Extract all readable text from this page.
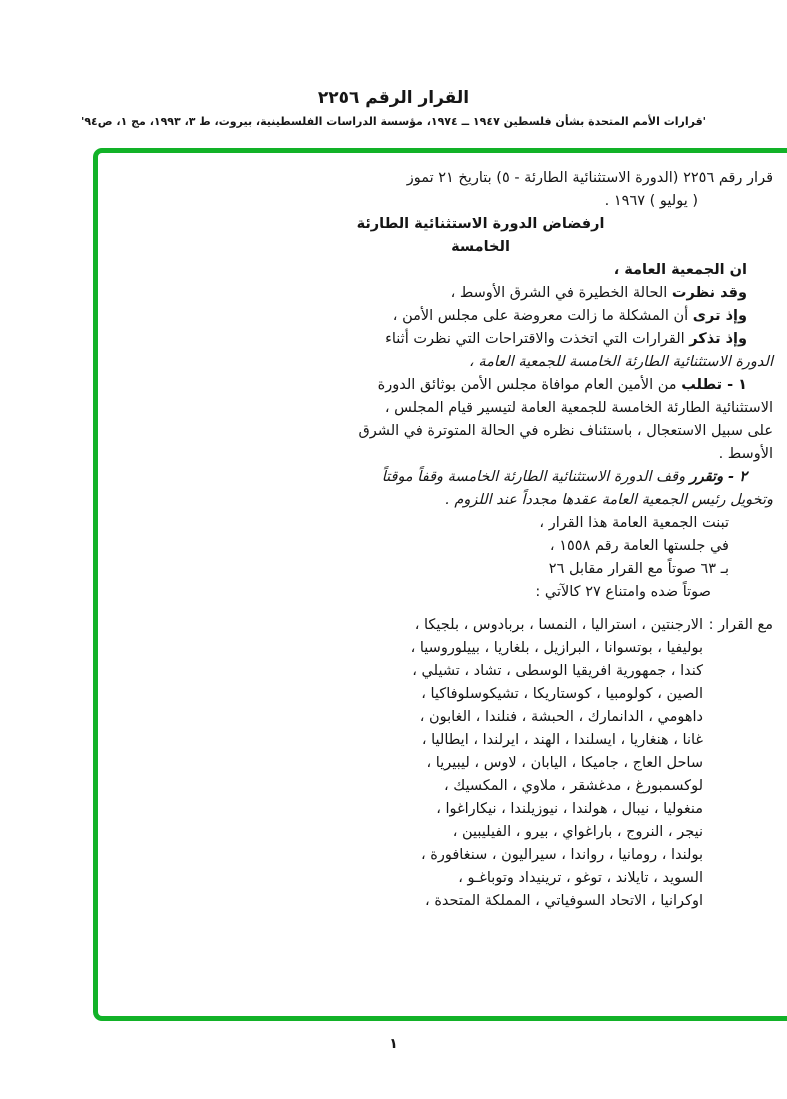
القرار الرقم ٢٢٥٦
'قرارات الأمم المتحدة بشأن فلسطين ١٩٤٧ ــ ١٩٧٤، مؤسسة الدراسات الفلسطينية، بيروت، ط ٣، ١٩٩٣، مج ١، ص٩٤'
قرار رقم ٢٢٥٦ (الدورة الاستثنائية الطارئة - ٥) بتاريخ ٢١ تموز
( يوليو ) ١٩٦٧ .
ارفضاض الدورة الاستثنائية الطارئة
الخامسة
ان الجمعية العامة ،
وقد نظرت الحالة الخطيرة في الشرق الأوسط ،
وإذ ترى أن المشكلة ما زالت معروضة على مجلس الأمن ،
وإذ تذكر القرارات التي اتخذت والاقتراحات التي نظرت أثناء
الدورة الاستثنائية الطارئة الخامسة للجمعية العامة ،
١ - تطلب من الأمين العام موافاة مجلس الأمن بوثائق الدورة
الاستثنائية الطارئة الخامسة للجمعية العامة لتيسير قيام المجلس ،
على سبيل الاستعجال ، باستئناف نظره في الحالة المتوترة في الشرق
الأوسط .
٢ - وتقرر وقف الدورة الاستثنائية الطارئة الخامسة وقفاً موقتاً
وتخويل رئيس الجمعية العامة عقدها مجدداً عند اللزوم .
تبنت الجمعية العامة هذا القرار ،
في جلستها العامة رقم ١٥٥٨ ،
بـ ٦٣ صوتاً مع القرار مقابل ٢٦
صوتاً ضده وامتناع ٢٧ كالآتي :
مع القرار :
الارجنتين ، استراليا ، النمسا ، بربادوس ، بلجيكا ،
بوليفيا ، بوتسوانا ، البرازيل ، بلغاريا ، بييلوروسيا ،
كندا ، جمهورية افريقيا الوسطى ، تشاد ، تشيلي ،
الصين ، كولومبيا ، كوستاريكا ، تشيكوسلوفاكيا ،
داهومي ، الدانمارك ، الحبشة ، فنلندا ، الغابون ،
غانا ، هنغاريا ، ايسلندا ، الهند ، ايرلندا ، ايطاليا ،
ساحل العاج ، جاميكا ، اليابان ، لاوس ، ليبيريا ،
لوكسمبورغ ، مدغشقر ، ملاوي ، المكسيك ،
منغوليا ، نيبال ، هولندا ، نيوزيلندا ، نيكاراغوا ،
نيجر ، النروج ، باراغواي ، بيرو ، الفيليبين ،
بولندا ، رومانيا ، رواندا ، سيراليون ، سنغافورة ،
السويد ، تايلاند ، توغو ، ترينيداد وتوباغـو ،
اوكرانيا ، الاتحاد السوفياتي ، المملكة المتحدة ،
١
